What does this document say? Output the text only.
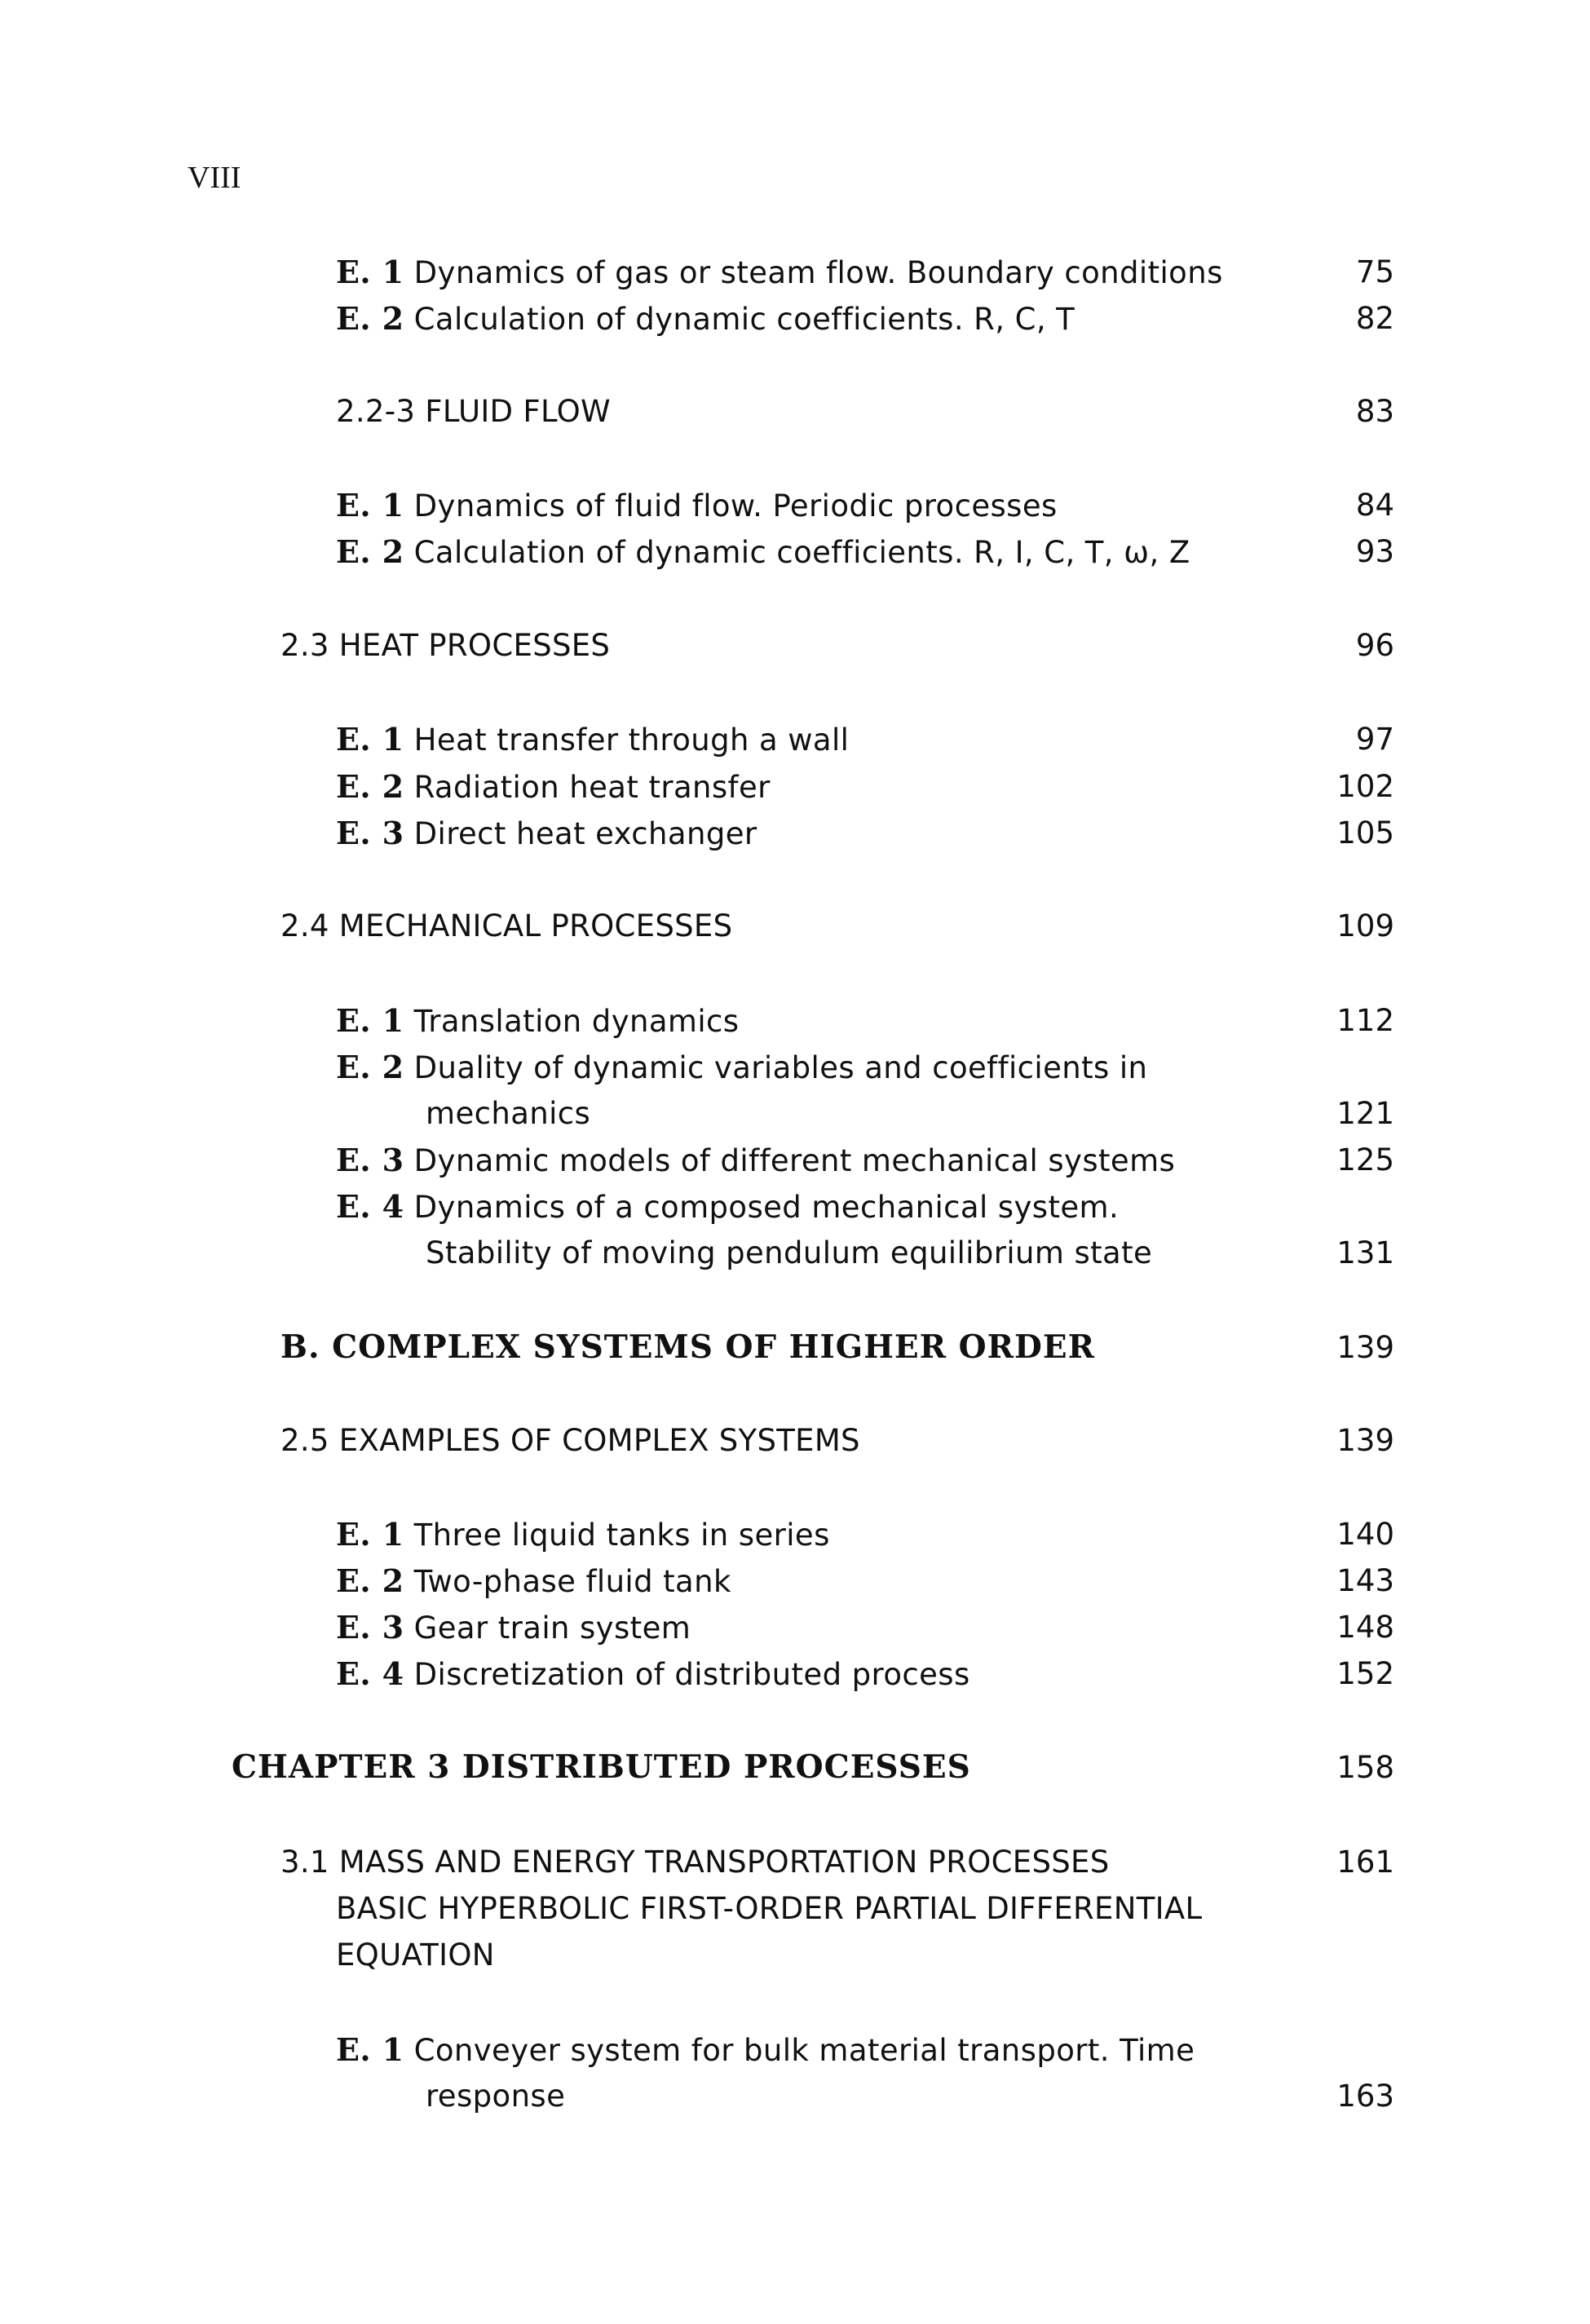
VIII
E. 1 Dynamics of gas or steam flow. Boundary conditions	75
E. 2 Calculation of dynamic coefficients. R, C, T	82
2.2-3 FLUID FLOW	83
E. 1 Dynamics of fluid flow. Periodic processes	84
E. 2 Calculation of dynamic coefficients. R, I, C, T, ω, Z	93
2.3 HEAT PROCESSES	96
E. 1 Heat transfer through a wall	97
E. 2 Radiation heat transfer	102
E. 3 Direct heat exchanger	105
2.4 MECHANICAL PROCESSES	109
E. 1 Translation dynamics	112
E. 2 Duality of dynamic variables and coefficients in
mechanics	121
E. 3 Dynamic models of different mechanical systems	125
E. 4 Dynamics of a composed mechanical system.
Stability of moving pendulum equilibrium state	131
B. COMPLEX SYSTEMS OF HIGHER ORDER	139
2.5 EXAMPLES OF COMPLEX SYSTEMS	139
E. 1 Three liquid tanks in series	140
E. 2 Two-phase fluid tank	143
E. 3 Gear train system	148
E. 4 Discretization of distributed process	152
CHAPTER 3 DISTRIBUTED PROCESSES	158
3.1 MASS AND ENERGY TRANSPORTATION PROCESSES	161
BASIC HYPERBOLIC FIRST-ORDER PARTIAL DIFFERENTIAL
EQUATION
E. 1 Conveyer system for bulk material transport. Time
response	163
